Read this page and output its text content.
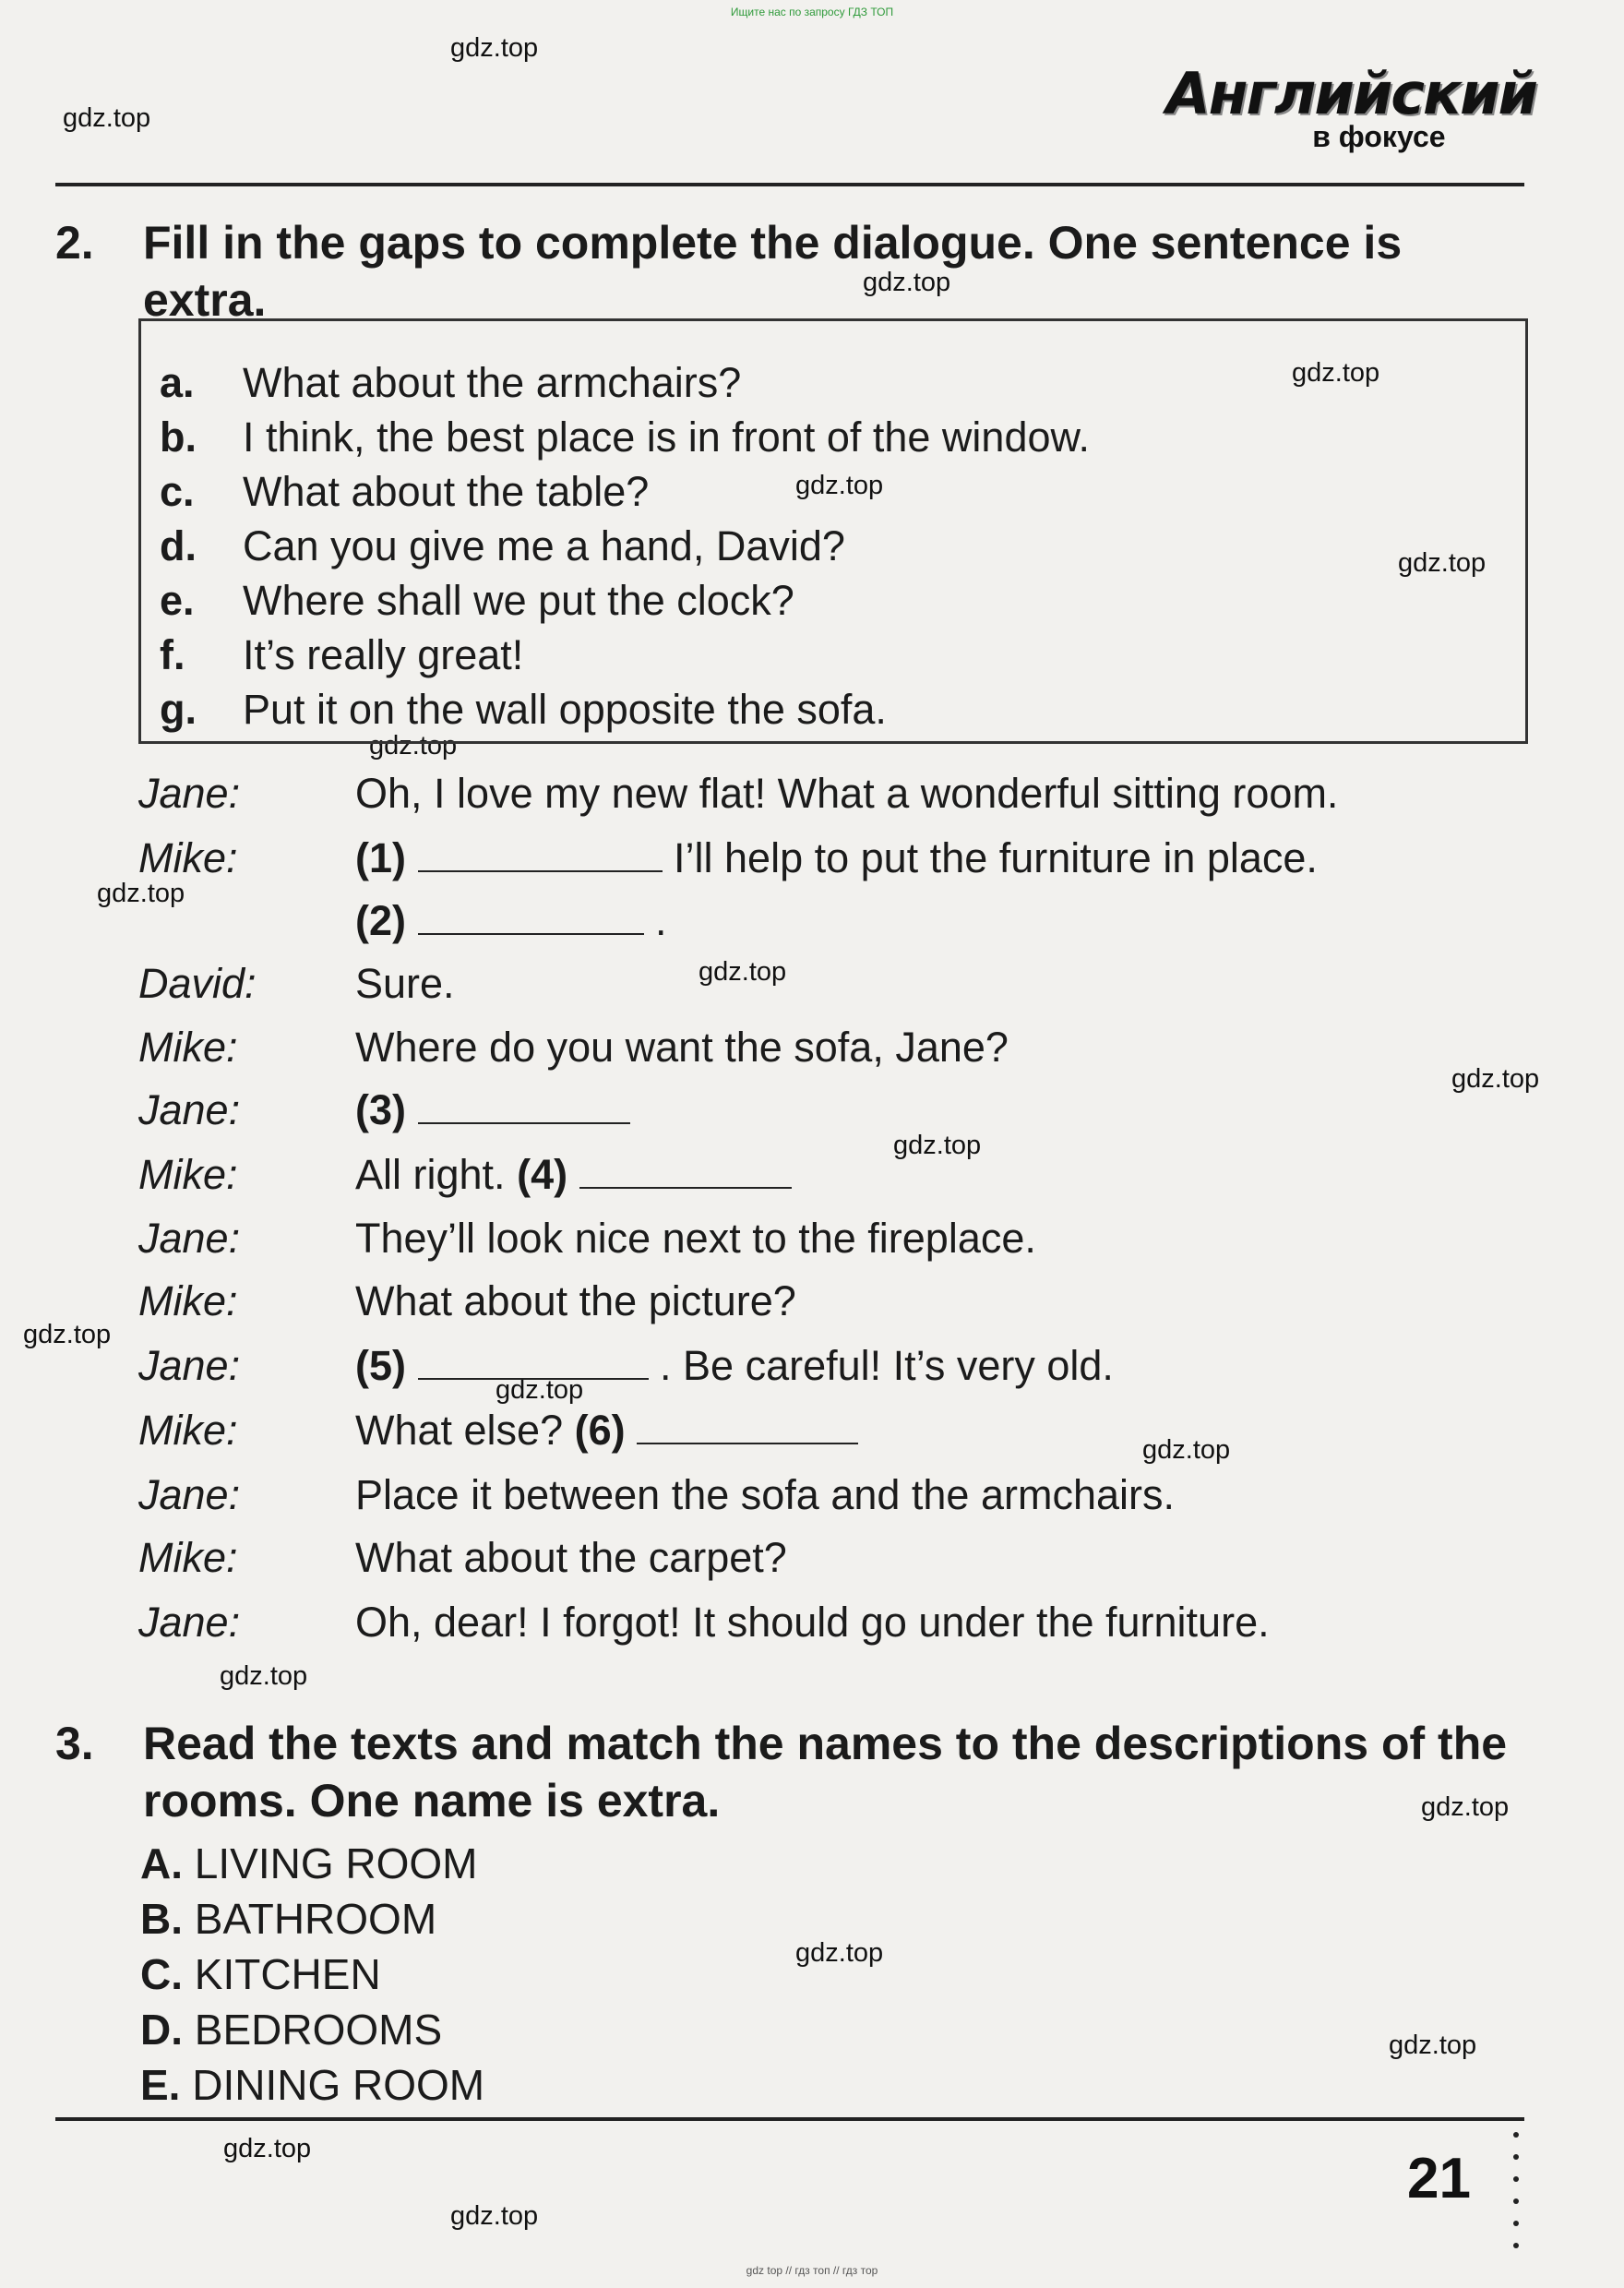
Ищите нас по запросу ГДЗ ТОП
gdz.top
gdz.top
gdz.top
gdz.top
gdz.top
gdz.top
gdz.top
gdz.top
gdz.top
gdz.top
gdz.top
gdz.top
gdz.top
gdz.top
gdz.top
gdz.top
gdz.top
gdz.top
gdz.top
gdz.top
Английский
в фокусе
2. Fill in the gaps to complete the dialogue. One sentence is extra.
a. What about the armchairs?
b. I think, the best place is in front of the window.
c. What about the table?
d. Can you give me a hand, David?
e. Where shall we put the clock?
f. It’s really great!
g. Put it on the wall opposite the sofa.
Jane:	Oh, I love my new flat! What a wonderful sitting room.
Mike:	(1)	I’ll help to put the furniture in place.
(2)	.
David: Sure.
Mike:	Where do you want the sofa, Jane?
Jane:	(3)
Mike:	All right. (4)
Jane:	They’ll look nice next to the fireplace.
Mike:	What about the picture?
Jane:	(5)	. Be careful! It’s very old.
Mike:	What else? (6)
Jane:	Place it between the sofa and the armchairs.
Mike:	What about the carpet?
Jane:	Oh, dear! I forgot! It should go under the furniture.
3. Read the texts and match the names to the descriptions of the rooms. One name is extra.
A. LIVING ROOM
B. BATHROOM
C. KITCHEN
D. BEDROOMS
E. DINING ROOM
21
gdz top // гдз топ // гдз тор
